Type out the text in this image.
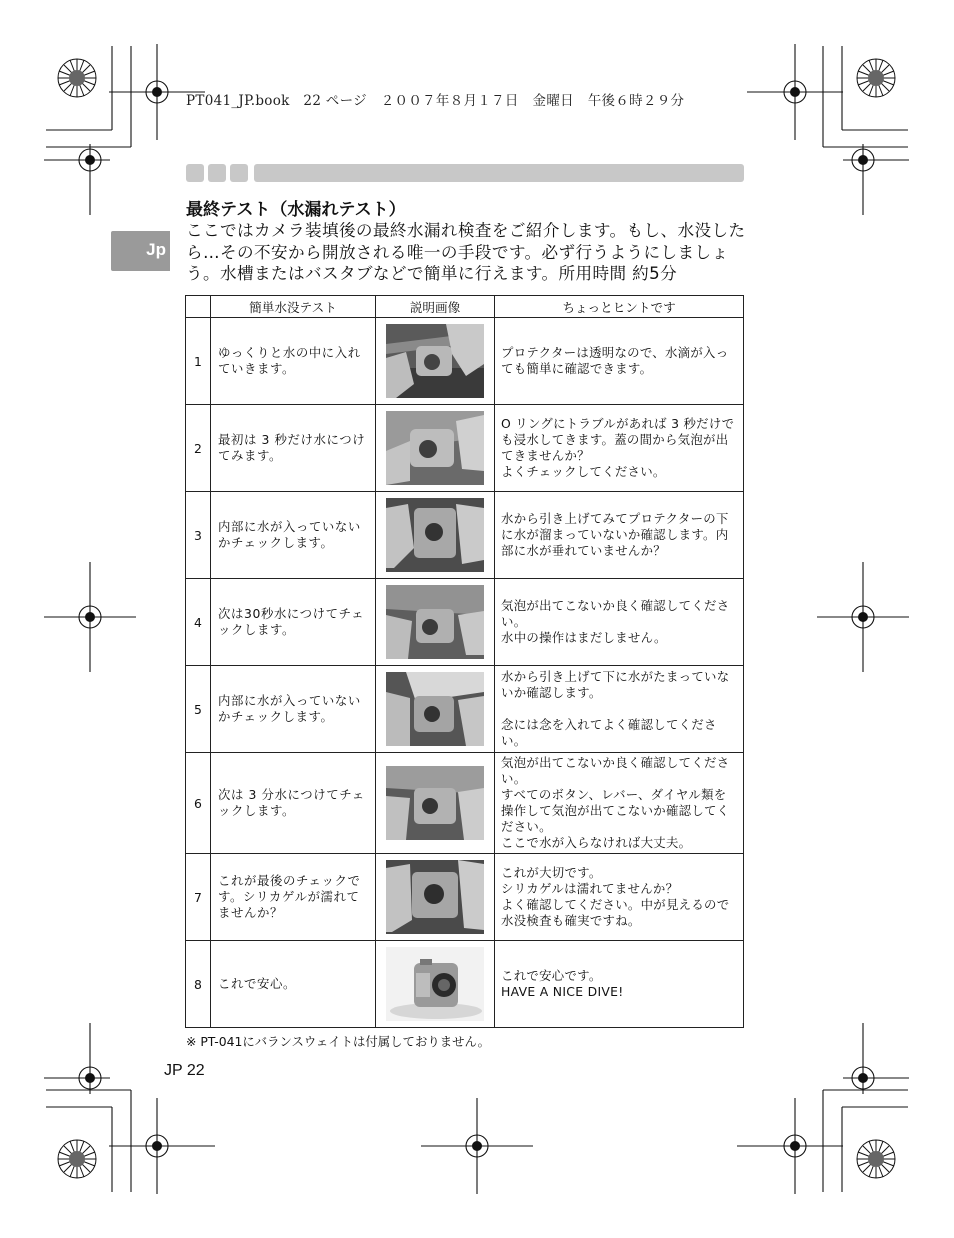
PT041_JP.book　22 ページ　２００７年８月１７日　金曜日　午後６時２９分
Jp
最終テスト（水漏れテスト）
ここではカメラ装填後の最終水漏れ検査をご紹介します。もし、水没したら…その不安から開放される唯一の手段です。必ず行うようにしましょう。水槽またはバスタブなどで簡単に行えます。所用時間 約5分
	簡単水没テスト	説明画像	ちょっとヒントです
1	ゆっくりと水の中に入れていきます。		プロテクターは透明なので、水滴が入っても簡単に確認できます。
2	最初は 3 秒だけ水につけてみます。		O リングにトラブルがあれば 3 秒だけでも浸水してきます。蓋の間から気泡が出てきませんか？
よくチェックしてください。
3	内部に水が入っていないかチェックします。		水から引き上げてみてプロテクターの下に水が溜まっていないか確認します。内部に水が垂れていませんか？
4	次は30秒水につけてチェックします。		気泡が出てこないか良く確認してください。
水中の操作はまだしません。
5	内部に水が入っていないかチェックします。		水から引き上げて下に水がたまっていないか確認します。

念には念を入れてよく確認してください。
6	次は 3 分水につけてチェックします。		気泡が出てこないか良く確認してください。
すべてのボタン、レバー、ダイヤル類を操作して気泡が出てこないか確認してください。
ここで水が入らなければ大丈夫。
7	これが最後のチェックです。シリカゲルが濡れてませんか？		これが大切です。
シリカゲルは濡れてませんか？
よく確認してください。中が見えるので水没検査も確実ですね。
8	これで安心。		これで安心です。
HAVE A NICE DIVE!
※ PT-041にバランスウェイトは付属しておりません。
JP 22
